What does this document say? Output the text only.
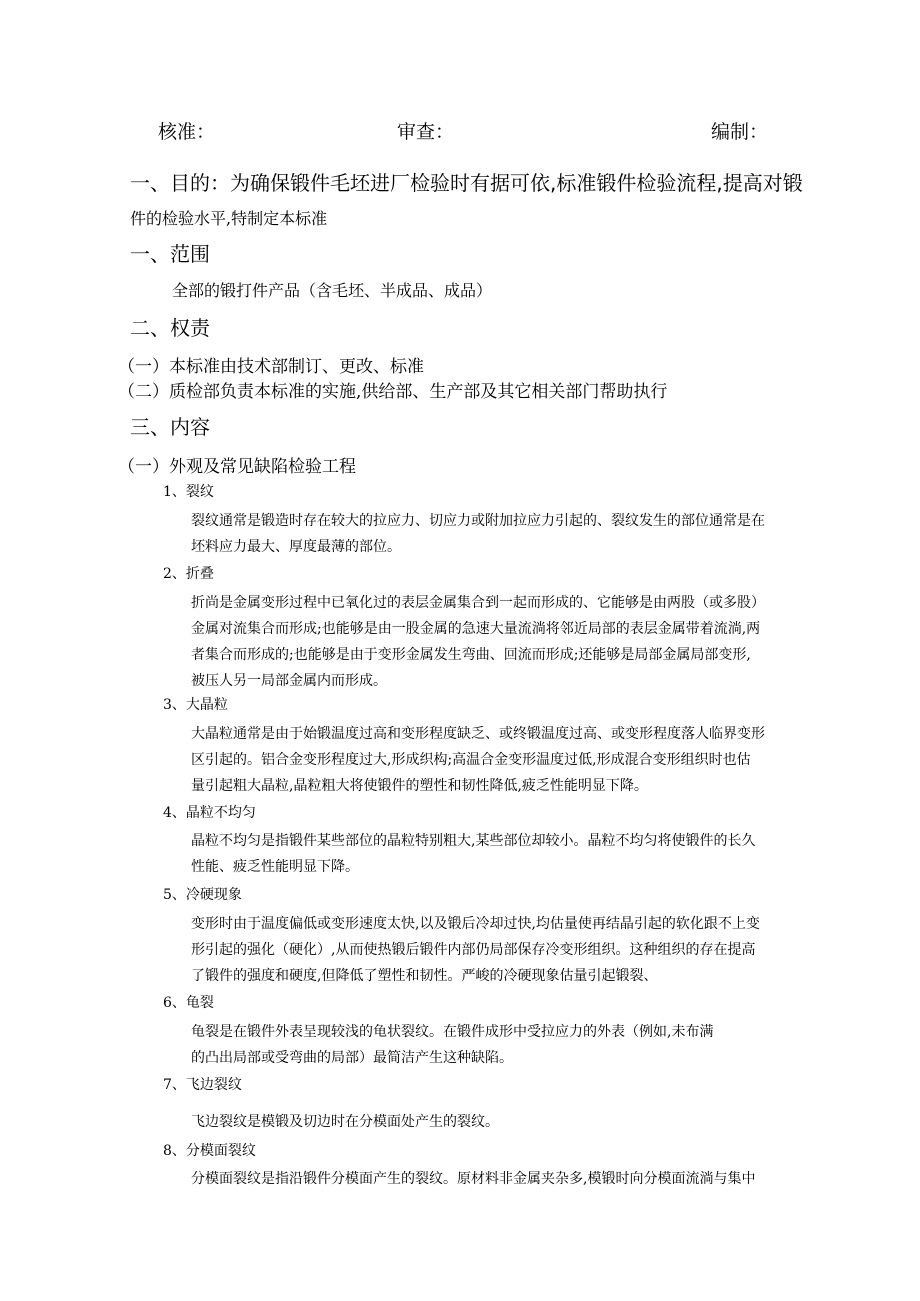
核准：	审查：	编制：
一、目的：为确保锻件毛坯进厂检验时有据可依,标准锻件检验流程,提高对锻
件的检验水平,特制定本标准
一、范围
全部的锻打件产品（含毛坯、半成品、成品）
二、权责
（一）本标准由技术部制订、更改、标准
（二）质检部负责本标准的实施,供给部、生产部及其它相关部门帮助执行
三、内容
（一）外观及常见缺陷检验工程
1、裂纹
裂纹通常是锻造时存在较大的拉应力、切应力或附加拉应力引起的、裂纹发生的部位通常是在
坯料应力最大、厚度最薄的部位。
2、折叠
折尚是金属变形过程中已氧化过的表层金属集合到一起而形成的、它能够是由两股（或多股）
金属对流集合而形成;也能够是由一股金属的急速大量流淌将邻近局部的表层金属带着流淌,两
者集合而形成的;也能够是由于变形金属发生弯曲、回流而形成;还能够是局部金属局部变形,
被压人另一局部金属内而形成。
3、大晶粒
大晶粒通常是由于始锻温度过高和变形程度缺乏、或终锻温度过高、或变形程度落人临界变形
区引起的。铝合金变形程度过大,形成织构;高温合金变形温度过低,形成混合变形组织时也估
量引起粗大晶粒,晶粒粗大将使锻件的塑性和韧性降低,疲乏性能明显下降。
4、晶粒不均匀
晶粒不均匀是指锻件某些部位的晶粒特别粗大,某些部位却较小。晶粒不均匀将使锻件的长久
性能、疲乏性能明显下降。
5、冷硬现象
变形时由于温度偏低或变形速度太快,以及锻后冷却过快,均估量使再结晶引起的软化跟不上变
形引起的强化（硬化）,从而使热锻后锻件内部仍局部保存冷变形组织。这种组织的存在提高
了锻件的强度和硬度,但降低了塑性和韧性。严峻的冷硬现象估量引起锻裂、
6、龟裂
龟裂是在锻件外表呈现较浅的龟状裂纹。在锻件成形中受拉应力的外表（例如,未布满
的凸出局部或受弯曲的局部）最简洁产生这种缺陷。
7、飞边裂纹
飞边裂纹是模锻及切边时在分模面处产生的裂纹。
8、分模面裂纹
分模面裂纹是指沿锻件分模面产生的裂纹。原材料非金属夹杂多,模锻时向分模面流淌与集中
